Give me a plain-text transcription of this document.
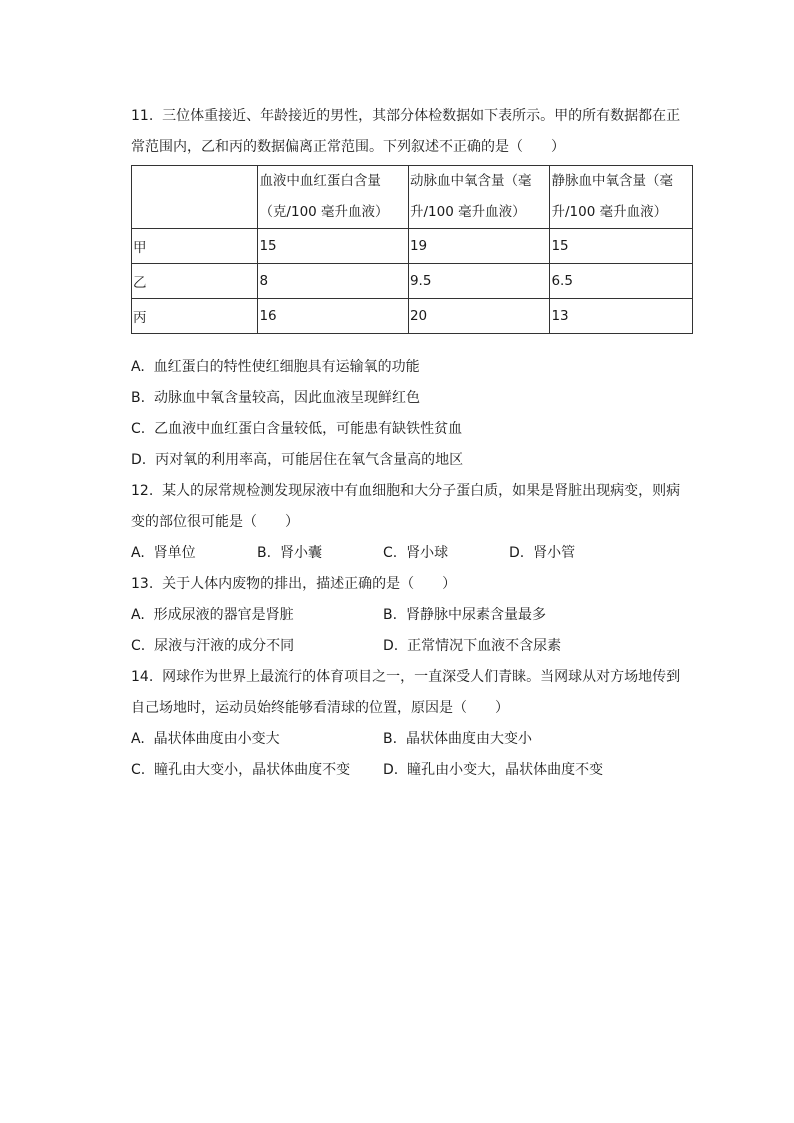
11.  三位体重接近、年龄接近的男性，其部分体检数据如下表所示。甲的所有数据都在正常范围内，乙和丙的数据偏离正常范围。下列叙述不正确的是（　　）

	血液中血红蛋白含量（克/100 毫升血液）	动脉血中氧含量（毫升/100 毫升血液）	静脉血中氧含量（毫升/100 毫升血液）
甲	15	19	15
乙	8	9.5	6.5
丙	16	20	13

A.  血红蛋白的特性使红细胞具有运输氧的功能

B.  动脉血中氧含量较高，因此血液呈现鲜红色

C.  乙血液中血红蛋白含量较低，可能患有缺铁性贫血

D.  丙对氧的利用率高，可能居住在氧气含量高的地区

12.  某人的尿常规检测发现尿液中有血细胞和大分子蛋白质，如果是肾脏出现病变，则病变的部位很可能是（　　）

A.  肾单位	B.  肾小囊	C.  肾小球	D.  肾小管

13.  关于人体内废物的排出，描述正确的是（　　）

A.  形成尿液的器官是肾脏	B.  肾静脉中尿素含量最多
C.  尿液与汗液的成分不同	D.  正常情况下血液不含尿素

14.  网球作为世界上最流行的体育项目之一，一直深受人们青睐。当网球从对方场地传到自己场地时，运动员始终能够看清球的位置，原因是（　　）

A.  晶状体曲度由小变大	B.  晶状体曲度由大变小
C.  瞳孔由大变小，晶状体曲度不变	D.  瞳孔由小变大，晶状体曲度不变
